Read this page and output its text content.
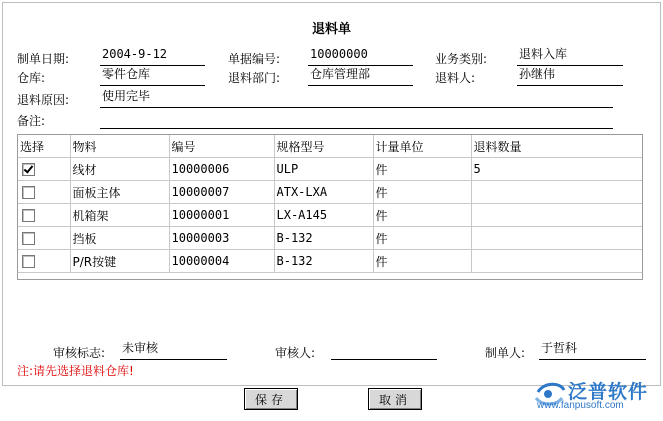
退料单
制单日期:	2004-9-12	单据编号: 10000000	业务类别:	退料入库
仓库:	零件仓库	退料部门: 仓库管理部	退料人:	孙继伟
退料原因:	使用完毕
备注:
选择	物料	编号	规格型号	计量单位	退料数量
	线材	10000006	ULP	件	5
	面板主体	10000007	ATX-LXA	件	
	机箱架	10000001	LX-A145	件	
	挡板	10000003	B-132	件	
	P/R按键	10000004	B-132	件	
审核标志: 未审核	审核人:	制单人: 于哲科
注:请先选择退料仓库!
保存	取消	泛普软件
www.fanpusoft.com
